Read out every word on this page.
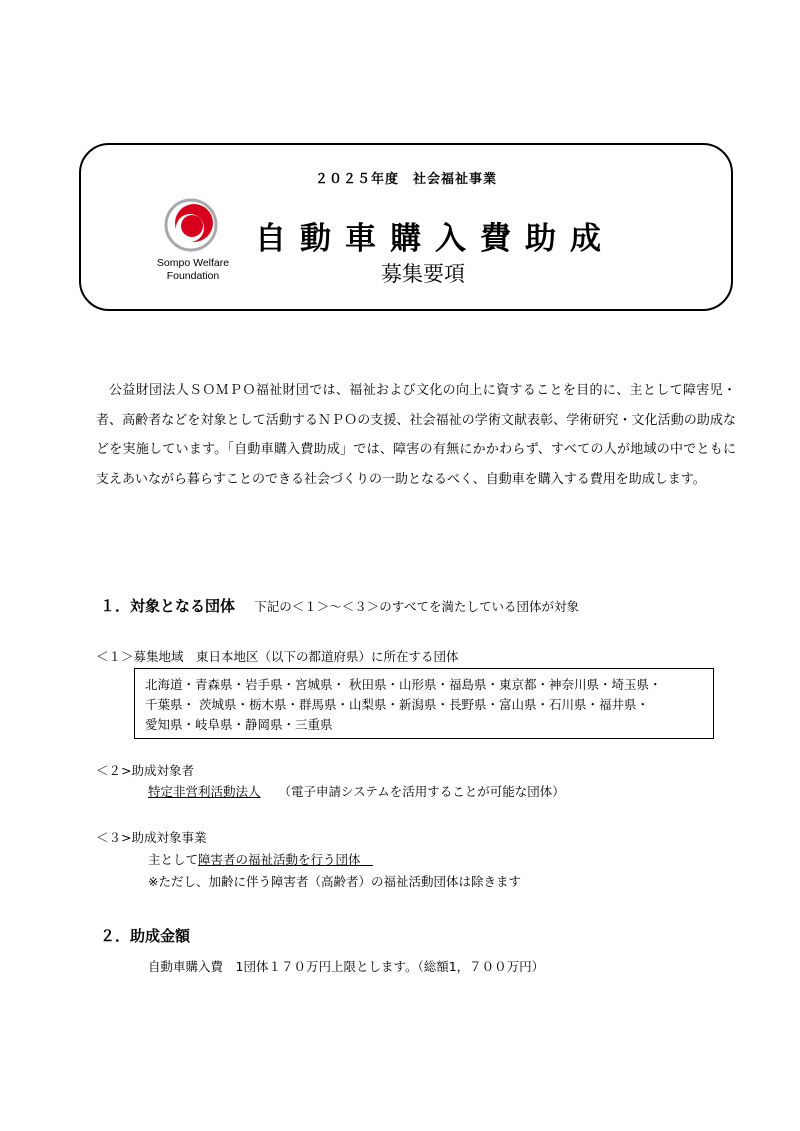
２０２５年度　社会福祉事業
Sompo Welfare
Foundation
自動車購入費助成
募集要項

公益財団法人ＳＯＭＰＯ福祉財団では、福祉および文化の向上に資することを目的に、主として障害児・者、高齢者などを対象として活動するＮＰＯの支援、社会福祉の学術文献表彰、学術研究・文化活動の助成などを実施しています。「自動車購入費助成」では、障害の有無にかかわらず、すべての人が地域の中でともに支えあいながら暮らすことのできる社会づくりの一助となるべく、自動車を購入する費用を助成します。

１．対象となる団体 下記の＜１＞～＜３＞のすべてを満たしている団体が対象
＜１＞募集地域　東日本地区（以下の都道府県）に所在する団体
北海道・青森県・岩手県・宮城県・ 秋田県・山形県・福島県・東京都・神奈川県・埼玉県・
千葉県・ 茨城県・栃木県・群馬県・山梨県・新潟県・長野県・富山県・石川県・福井県・
愛知県・岐阜県・静岡県・三重県
＜２>助成対象者
特定非営利活動法人 （電子申請システムを活用することが可能な団体）
＜３>助成対象事業
主として障害者の福祉活動を行う団体　
※ただし、加齢に伴う障害者（高齢者）の福祉活動団体は除きます
２．助成金額
自動車購入費　1団体１７０万円上限とします。（総額1，７００万円）
